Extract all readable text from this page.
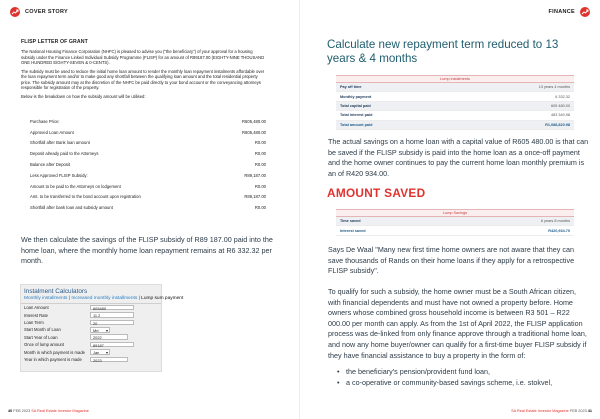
COVER STORY
FLISP LETTER OF GRANT

The National Housing Finance Corporation (NHFC) is pleased to advise you ("the beneficiary") of your approval for a housing subsidy under the Finance Linked Individual Subsidy Programme (FLISP) for an amount of R89187.00 (EIGHTY-NINE THOUSAND ONE HUNDRED EIGHTY-SEVEN & 0-CENTS).

The subsidy must be used to reduce the initial home loan amount to render the monthly loan repayment instalments affordable over the loan repayment term and/or to make good any shortfall between the qualifying loan amount and the total residential property price. The subsidy amount may at the discretion of the NHFC be paid directly to your bond account or the conveyancing attorneys responsible for registration of the property.

Below is the breakdown on how the subsidy amount will be utilised:

Purchase Price:	R605,480.00
Approved Loan Amount	R605,480.00
Shortfall after Bank loan amount	R0.00
Deposit already paid to the Attorneys	R0.00
Balance after Deposit	R0.00
Less Approved FLISP Subsidy:	R89,187.00
Amount to be paid to the Attorneys on lodgement	R0.00
Amt. to be transferred to the bond account upon registration	R89,187.00
Shortfall after bank loan and subsidy amount	R0.00
We then calculate the savings of the FLISP subsidy of R89 187.00 paid into the home loan, where the monthly home loan repayment remains at R6 332.32 per month.
Instalment Calculators
Monthly installments | Increased monthly installments | Lump sum payment
Loan Amount	605480
Interest Rate	11.2
Loan Term	20
Start Month of Loan	Mrt ▾
Start Year of Loan	2022
Once of lump amount	89187
Month in which payment is made	Jan ▾
Year in which payment is made	2023
40 FEB 2023 SA Real Estate Investor Magazine
FINANCE
Calculate new repayment term reduced to 13 years & 4 months
Lump instalments
Pay off time	13 years 4 months
Monthly payment	6 332.32
Total capital paid	605 480.00
Total interest paid	483 340.98
Total amount paid	R1,088,820.98
The actual savings on a home loan with a capital value of R605 480.00 is that can be saved if the FLISP subsidy is paid into the home loan as a once-off payment and the home owner continues to pay the current home loan monthly premium is an of R420 934.00.
AMOUNT SAVED
Lump Savings
Time saved	6 years 8 months
Interest saved	R420,934.70
Says De Waal "Many new first time home owners are not aware that they can save thousands of Rands on their home loans if they apply for a retrospective FLISP subsidy".
To qualify for such a subsidy, the home owner must be a South African citizen, with financial dependents and must have not owned a property before. Home owners whose combined gross household income is between R3 501 – R22 000.00 per month can apply. As from the 1st of April 2022, the FLISP application process was de-linked from only finance approve through a traditional home loan, and now any home buyer/owner can qualify for a first-time buyer FLISP subsidy if they have financial assistance to buy a property in the form of:
• the beneficiary's pension/provident fund loan,
• a co-operative or community-based savings scheme, i.e. stokvel,
SA Real Estate Investor Magazine FEB 2023 41
